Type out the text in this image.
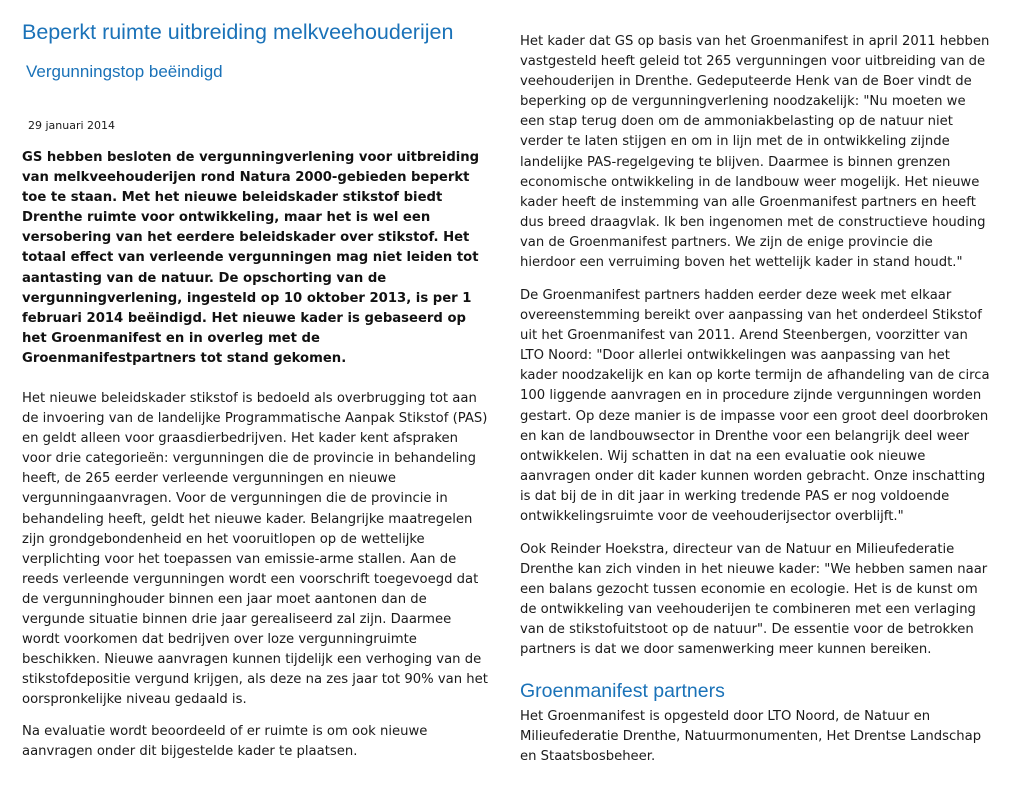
Beperkt ruimte uitbreiding melkveehouderijen
Vergunningstop beëindigd

29 januari 2014

GS hebben besloten de vergunningverlening voor uitbreiding van melkveehouderijen rond Natura 2000-gebieden beperkt toe te staan. Met het nieuwe beleidskader stikstof biedt Drenthe ruimte voor ontwikkeling, maar het is wel een versobering van het eerdere beleidskader over stikstof. Het totaal effect van verleende vergunningen mag niet leiden tot aantasting van de natuur. De opschorting van de vergunningverlening, ingesteld op 10 oktober 2013, is per 1 februari 2014 beëindigd. Het nieuwe kader is gebaseerd op het Groenmanifest en in overleg met de Groenmanifestpartners tot stand gekomen.

Het nieuwe beleidskader stikstof is bedoeld als overbrugging tot aan de invoering van de landelijke Programmatische Aanpak Stikstof (PAS) en geldt alleen voor graasdierbedrijven. Het kader kent afspraken voor drie categorieën: vergunningen die de provincie in behandeling heeft, de 265 eerder verleende vergunningen en nieuwe vergunningaanvragen. Voor de vergunningen die de provincie in behandeling heeft, geldt het nieuwe kader. Belangrijke maatregelen zijn grondgebondenheid en het vooruitlopen op de wettelijke verplichting voor het toepassen van emissie-arme stallen. Aan de reeds verleende vergunningen wordt een voorschrift toegevoegd dat de vergunninghouder binnen een jaar moet aantonen dan de vergunde situatie binnen drie jaar gerealiseerd zal zijn. Daarmee wordt voorkomen dat bedrijven over loze vergunningruimte beschikken. Nieuwe aanvragen kunnen tijdelijk een verhoging van de stikstofdepositie vergund krijgen, als deze na zes jaar tot 90% van het oorspronkelijke niveau gedaald is.

Na evaluatie wordt beoordeeld of er ruimte is om ook nieuwe aanvragen onder dit bijgestelde kader te plaatsen.

Het kader dat GS op basis van het Groenmanifest in april 2011 hebben vastgesteld heeft geleid tot 265 vergunningen voor uitbreiding van de veehouderijen in Drenthe. Gedeputeerde Henk van de Boer vindt de beperking op de vergunningverlening noodzakelijk: "Nu moeten we een stap terug doen om de ammoniakbelasting op de natuur niet verder te laten stijgen en om in lijn met de in ontwikkeling zijnde landelijke PAS-regelgeving te blijven. Daarmee is binnen grenzen economische ontwikkeling in de landbouw weer mogelijk. Het nieuwe kader heeft de instemming van alle Groenmanifest partners en heeft dus breed draagvlak. Ik ben ingenomen met de constructieve houding van de Groenmanifest partners. We zijn de enige provincie die hierdoor een verruiming boven het wettelijk kader in stand houdt."

De Groenmanifest partners hadden eerder deze week met elkaar overeenstemming bereikt over aanpassing van het onderdeel Stikstof uit het Groenmanifest van 2011. Arend Steenbergen, voorzitter van LTO Noord: "Door allerlei ontwikkelingen was aanpassing van het kader noodzakelijk en kan op korte termijn de afhandeling van de circa 100 liggende aanvragen en in procedure zijnde vergunningen worden gestart. Op deze manier is de impasse voor een groot deel doorbroken en kan de landbouwsector in Drenthe voor een belangrijk deel weer ontwikkelen. Wij schatten in dat na een evaluatie ook nieuwe aanvragen onder dit kader kunnen worden gebracht. Onze inschatting is dat bij de in dit jaar in werking tredende PAS er nog voldoende ontwikkelingsruimte voor de veehouderijsector overblijft."

Ook Reinder Hoekstra, directeur van de Natuur en Milieufederatie Drenthe kan zich vinden in het nieuwe kader: "We hebben samen naar een balans gezocht tussen economie en ecologie. Het is de kunst om de ontwikkeling van veehouderijen te combineren met een verlaging van de stikstofuitstoot op de natuur". De essentie voor de betrokken partners is dat we door samenwerking meer kunnen bereiken.

Groenmanifest partners

Het Groenmanifest is opgesteld door LTO Noord, de Natuur en Milieufederatie Drenthe, Natuurmonumenten, Het Drentse Landschap en Staatsbosbeheer.
